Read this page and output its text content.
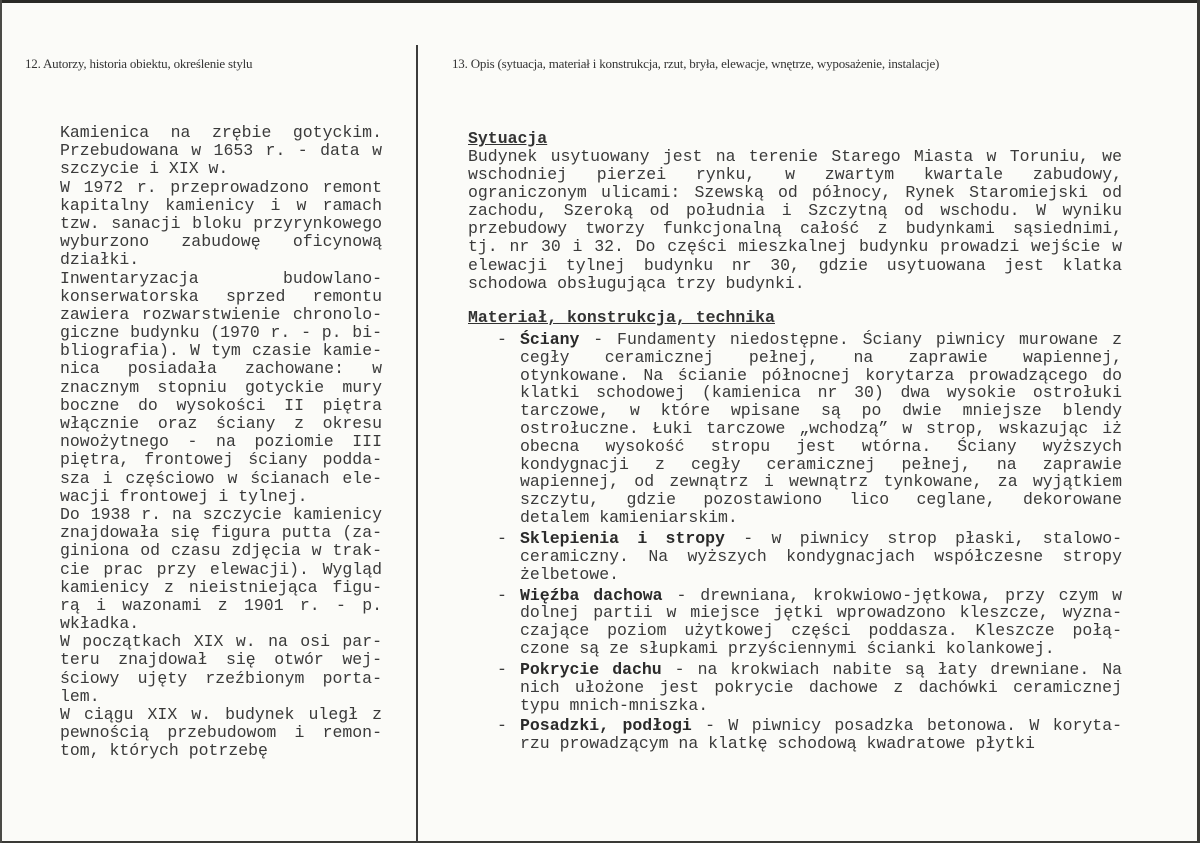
12. Autorzy, historia obiektu, określenie stylu	13. Opis (sytuacja, materiał i konstrukcja, rzut, bryła, elewacje, wnętrze, wyposażenie, instalacje)
Kamienica na zrębie gotyckim.
Przebudowana w 1653 r. - data w
szczycie i XIX w.
W 1972 r. przeprowadzono remont
kapitalny kamienicy i w ramach
tzw. sanacji bloku przyrynkowego
wyburzono zabudowę oficynową
działki.
Inwentaryzacja budowlano-
konserwatorska sprzed remontu
zawiera rozwarstwienie chronolo-
giczne budynku (1970 r. - p. bi-
bliografia). W tym czasie kamie-
nica posiadała zachowane: w
znacznym stopniu gotyckie mury
boczne do wysokości II piętra
włącznie oraz ściany z okresu
nowożytnego - na poziomie III
piętra, frontowej ściany podda-
sza i częściowo w ścianach ele-
wacji frontowej i tylnej.
Do 1938 r. na szczycie kamienicy
znajdowała się figura putta (za-
giniona od czasu zdjęcia w trak-
cie prac przy elewacji). Wygląd
kamienicy z nieistniejąca figu-
rą i wazonami z 1901 r. - p.
wkładka.
W początkach XIX w. na osi par-
teru znajdował się otwór wej-
ściowy ujęty rzeźbionym porta-
lem.
W ciągu XIX w. budynek uległ z
pewnością przebudowom i remon-
tom, których potrzebę
Sytuacja
Budynek usytuowany jest na terenie Starego Miasta w Toruniu, we
wschodniej pierzei rynku, w zwartym kwartale zabudowy,
ograniczonym ulicami: Szewską od północy, Rynek Staromiejski od
zachodu, Szeroką od południa i Szczytną od wschodu. W wyniku
przebudowy tworzy funkcjonalną całość z budynkami sąsiednimi,
tj. nr 30 i 32. Do części mieszkalnej budynku prowadzi wejście w
elewacji tylnej budynku nr 30, gdzie usytuowana jest klatka
schodowa obsługująca trzy budynki.
Materiał, konstrukcja, technika
- Ściany - Fundamenty niedostępne. Ściany piwnicy murowane z
cegły ceramicznej pełnej, na zaprawie wapiennej,
otynkowane. Na ścianie północnej korytarza prowadzącego do
klatki schodowej (kamienica nr 30) dwa wysokie ostrołuki
tarczowe, w które wpisane są po dwie mniejsze blendy
ostrołuczne. Łuki tarczowe „wchodzą” w strop, wskazując iż
obecna wysokość stropu jest wtórna. Ściany wyższych
kondygnacji z cegły ceramicznej pełnej, na zaprawie
wapiennej, od zewnątrz i wewnątrz tynkowane, za wyjątkiem
szczytu, gdzie pozostawiono lico ceglane, dekorowane
detalem kamieniarskim.
- Sklepienia i stropy - w piwnicy strop płaski, stalowo-
ceramiczny. Na wyższych kondygnacjach współczesne stropy
żelbetowe.
- Więźba dachowa - drewniana, krokwiowo-jętkowa, przy czym w
dolnej partii w miejsce jętki wprowadzono kleszcze, wyzna-
czające poziom użytkowej części poddasza. Kleszcze połą-
czone są ze słupkami przyściennymi ścianki kolankowej.
- Pokrycie dachu - na krokwiach nabite są łaty drewniane. Na
nich ułożone jest pokrycie dachowe z dachówki ceramicznej
typu mnich-mniszka.
- Posadzki, podłogi - W piwnicy posadzka betonowa. W koryta-
rzu prowadzącym na klatkę schodową kwadratowe płytki
